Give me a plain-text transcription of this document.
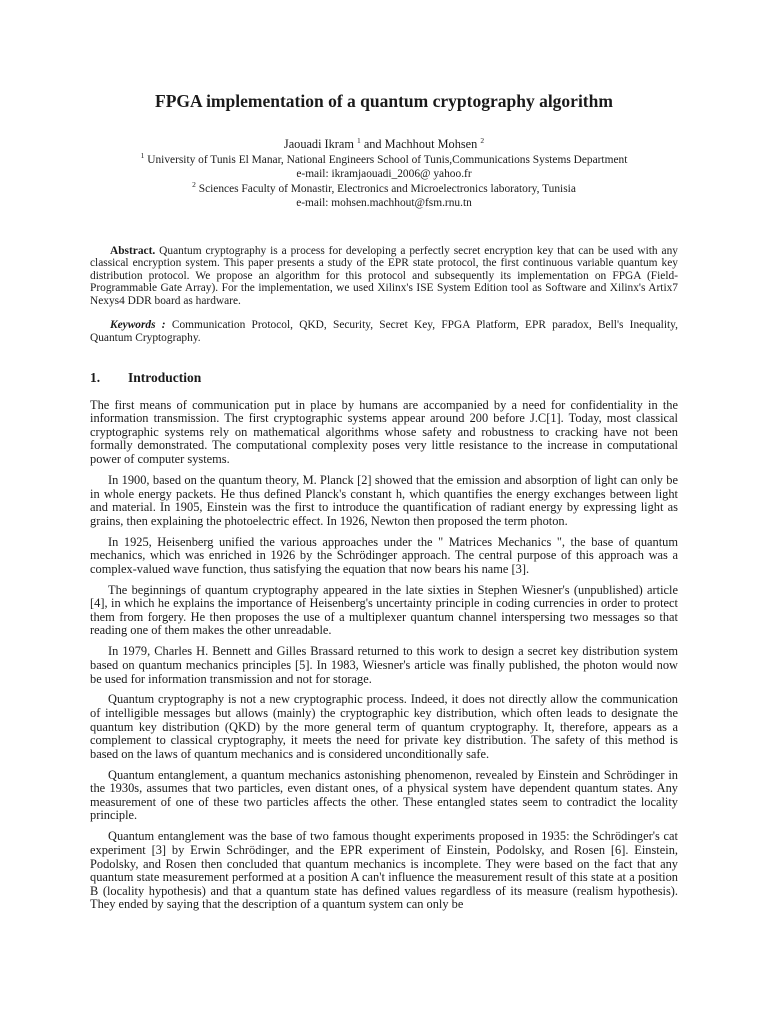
FPGA implementation of a quantum cryptography algorithm
Jaouadi Ikram $^1$ and Machhout Mohsen $^2$
$^1$ University of Tunis El Manar, National Engineers School of Tunis,Communications Systems Department
e-mail: ikramjaouadi_2006@ yahoo.fr
$^2$ Sciences Faculty of Monastir, Electronics and Microelectronics laboratory, Tunisia
e-mail: mohsen.machhout@fsm.rnu.tn

Abstract. Quantum cryptography is a process for developing a perfectly secret encryption key that can be used with any classical encryption system. This paper presents a study of the EPR state protocol, the first continuous variable quantum key distribution protocol. We propose an algorithm for this protocol and subsequently its implementation on FPGA (Field-Programmable Gate Array). For the implementation, we used Xilinx's ISE System Edition tool as Software and Xilinx's Artix7 Nexys4 DDR board as hardware.

Keywords : Communication Protocol, QKD, Security, Secret Key, FPGA Platform, EPR paradox, Bell's Inequality, Quantum Cryptography.

1. Introduction

The first means of communication put in place by humans are accompanied by a need for confidentiality in the information transmission. The first cryptographic systems appear around 200 before J.C[1]. Today, most classical cryptographic systems rely on mathematical algorithms whose safety and robustness to cracking have not been formally demonstrated. The computational complexity poses very little resistance to the increase in computational power of computer systems.

In 1900, based on the quantum theory, M. Planck [2] showed that the emission and absorption of light can only be in whole energy packets. He thus defined Planck's constant h, which quantifies the energy exchanges between light and material. In 1905, Einstein was the first to introduce the quantification of radiant energy by expressing light as grains, then explaining the photoelectric effect. In 1926, Newton then proposed the term photon.

In 1925, Heisenberg unified the various approaches under the " Matrices Mechanics ", the base of quantum mechanics, which was enriched in 1926 by the Schrödinger approach. The central purpose of this approach was a complex-valued wave function, thus satisfying the equation that now bears his name [3].

The beginnings of quantum cryptography appeared in the late sixties in Stephen Wiesner's (unpublished) article [4], in which he explains the importance of Heisenberg's uncertainty principle in coding currencies in order to protect them from forgery. He then proposes the use of a multiplexer quantum channel interspersing two messages so that reading one of them makes the other unreadable.

In 1979, Charles H. Bennett and Gilles Brassard returned to this work to design a secret key distribution system based on quantum mechanics principles [5]. In 1983, Wiesner's article was finally published, the photon would now be used for information transmission and not for storage.

Quantum cryptography is not a new cryptographic process. Indeed, it does not directly allow the communication of intelligible messages but allows (mainly) the cryptographic key distribution, which often leads to designate the quantum key distribution (QKD) by the more general term of quantum cryptography. It, therefore, appears as a complement to classical cryptography, it meets the need for private key distribution. The safety of this method is based on the laws of quantum mechanics and is considered unconditionally safe.

Quantum entanglement, a quantum mechanics astonishing phenomenon, revealed by Einstein and Schrödinger in the 1930s, assumes that two particles, even distant ones, of a physical system have dependent quantum states. Any measurement of one of these two particles affects the other. These entangled states seem to contradict the locality principle.

Quantum entanglement was the base of two famous thought experiments proposed in 1935: the Schrödinger's cat experiment [3] by Erwin Schrödinger, and the EPR experiment of Einstein, Podolsky, and Rosen [6]. Einstein, Podolsky, and Rosen then concluded that quantum mechanics is incomplete. They were based on the fact that any quantum state measurement performed at a position A can't influence the measurement result of this state at a position B (locality hypothesis) and that a quantum state has defined values regardless of its measure (realism hypothesis). They ended by saying that the description of a quantum system can only be
